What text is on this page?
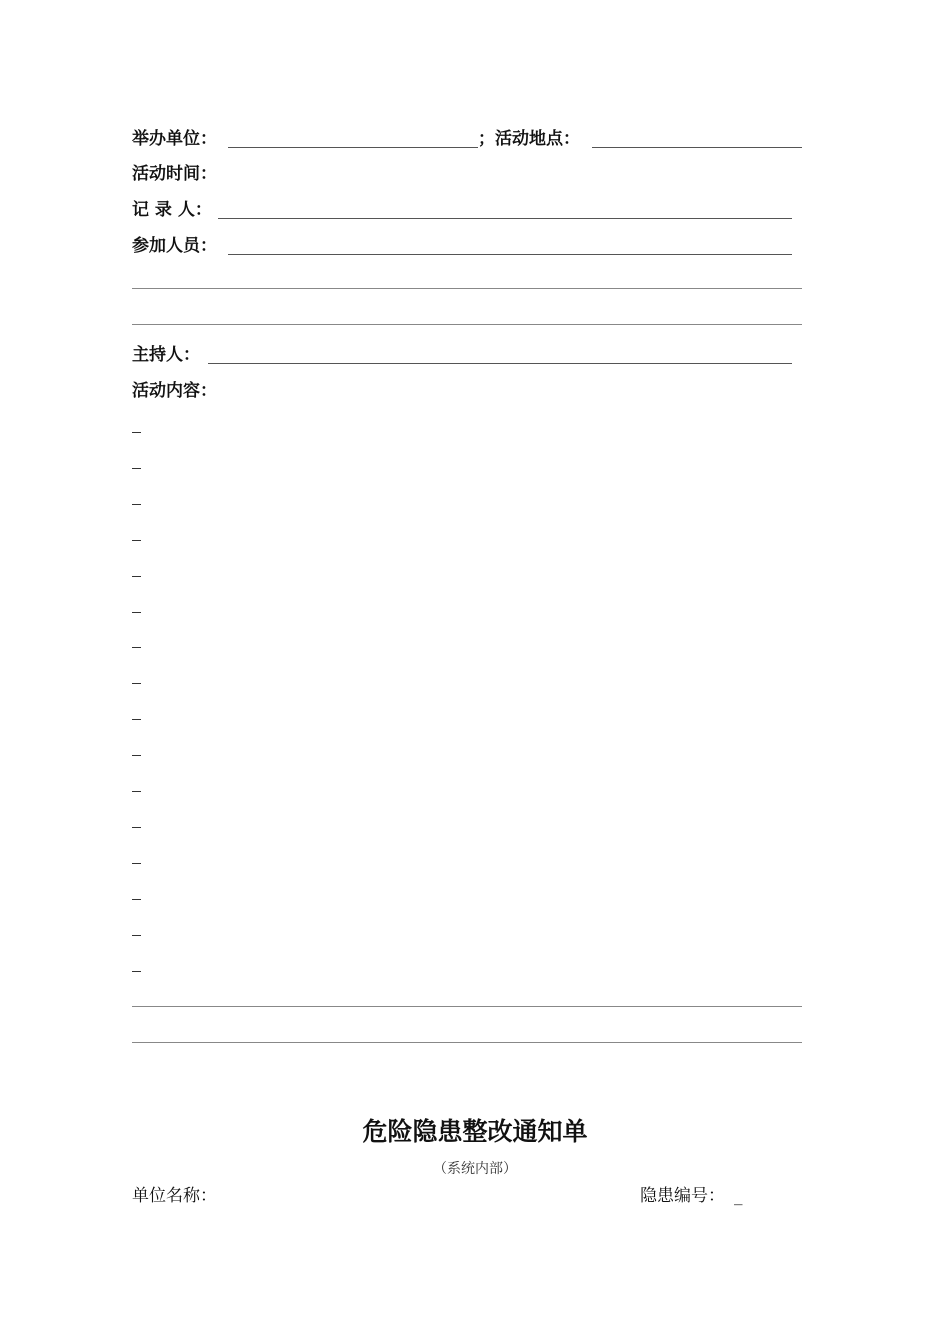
举办单位：	；活动地点：
活动时间：
记 录 人：
参加人员：
主持人：
活动内容：
危险隐患整改通知单
（系统内部）
单位名称：	隐患编号： _
